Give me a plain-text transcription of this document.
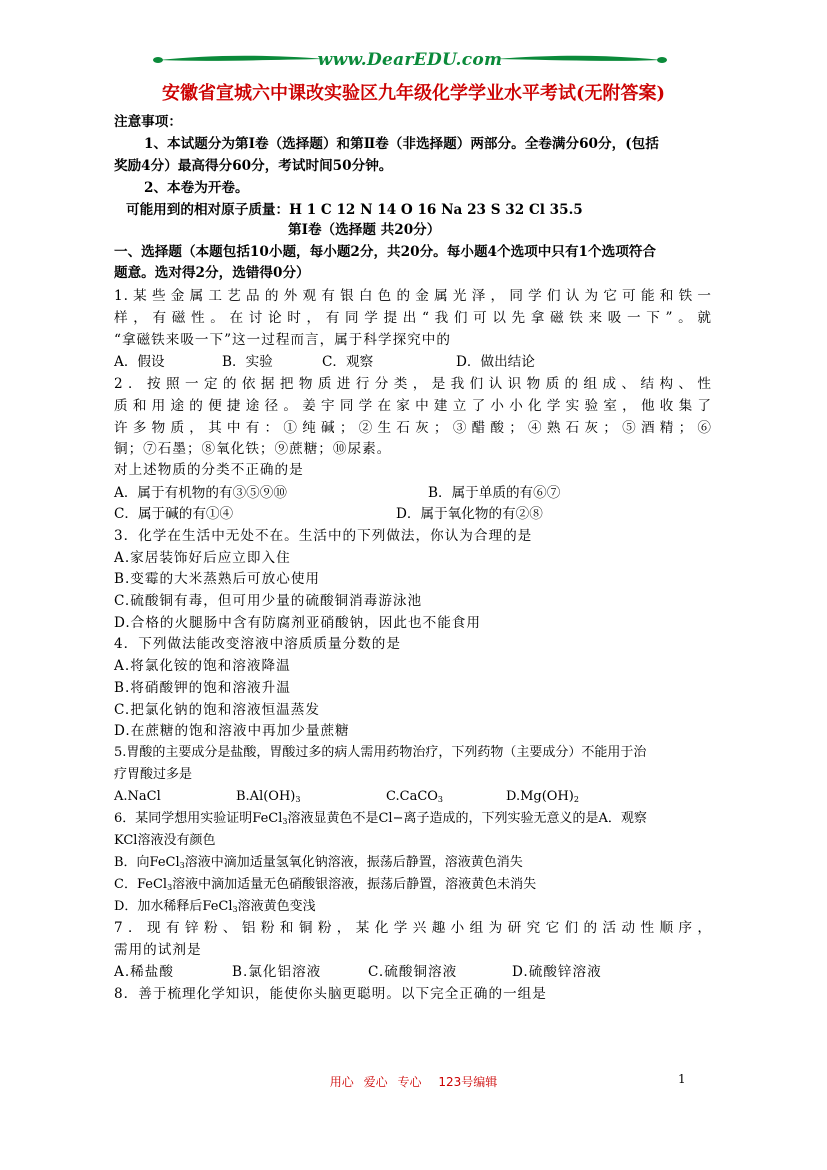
www.DearEDU.com
安徽省宣城六中课改实验区九年级化学学业水平考试(无附答案)
注意事项：
1、本试题分为第Ⅰ卷（选择题）和第Ⅱ卷（非选择题）两部分。全卷满分60分，(包括
奖励4分）最高得分60分，考试时间50分钟。
2、本卷为开卷。
可能用到的相对原子质量：H 1 C 12 N 14 O 16 Na 23 S 32 Cl 35.5
第Ⅰ卷（选择题 共20分）
一、选择题（本题包括10小题，每小题2分，共20分。每小题4个选项中只有1个选项符合
题意。选对得2分，选错得0分）
1.某些金属工艺品的外观有银白色的金属光泽，同学们认为它可能和铁一
样，有磁性。在讨论时，有同学提出“我们可以先拿磁铁来吸一下”。就
“拿磁铁来吸一下”这一过程而言，属于科学探究中的
A．假设	B．实验	C．观察	D．做出结论
2．按照一定的依据把物质进行分类，是我们认识物质的组成、结构、性
质和用途的便捷途径。姜宇同学在家中建立了小小化学实验室，他收集了
许多物质，其中有：①纯碱；②生石灰；③醋酸；④熟石灰；⑤酒精；⑥
铜；⑦石墨；⑧氧化铁；⑨蔗糖；⑩尿素。
对上述物质的分类不正确的是
A．属于有机物的有③⑤⑨⑩	B．属于单质的有⑥⑦
C．属于碱的有①④	D．属于氧化物的有②⑧
3．化学在生活中无处不在。生活中的下列做法，你认为合理的是
A.家居装饰好后应立即入住
B.变霉的大米蒸熟后可放心使用
C.硫酸铜有毒，但可用少量的硫酸铜消毒游泳池
D.合格的火腿肠中含有防腐剂亚硝酸钠，因此也不能食用
4．下列做法能改变溶液中溶质质量分数的是
A.将氯化铵的饱和溶液降温
B.将硝酸钾的饱和溶液升温
C.把氯化钠的饱和溶液恒温蒸发
D.在蔗糖的饱和溶液中再加少量蔗糖
5.胃酸的主要成分是盐酸，胃酸过多的病人需用药物治疗，下列药物（主要成分）不能用于治
疗胃酸过多是
A.NaCl	$B.Al(OH)_3$	C.CaCO$_3$	$D.Mg(OH)_2$
6．某同学想用实验证明FeCl$_3$溶液显黄色不是Cl−离子造成的，下列实验无意义的是A．观察
KCl溶液没有颜色
B．向FeCl$_3$溶液中滴加适量氢氧化钠溶液，振荡后静置，溶液黄色消失
C．FeCl$_3$溶液中滴加适量无色硝酸银溶液，振荡后静置，溶液黄色未消失
D．加水稀释后FeCl$_3$溶液黄色变浅
7．现有锌粉、铝粉和铜粉，某化学兴趣小组为研究它们的活动性顺序，
需用的试剂是
A.稀盐酸	B.氯化铝溶液	C.硫酸铜溶液	D.硫酸锌溶液
8．善于梳理化学知识，能使你头脑更聪明。以下完全正确的一组是
用心 爱心 专心 123号编辑	1
